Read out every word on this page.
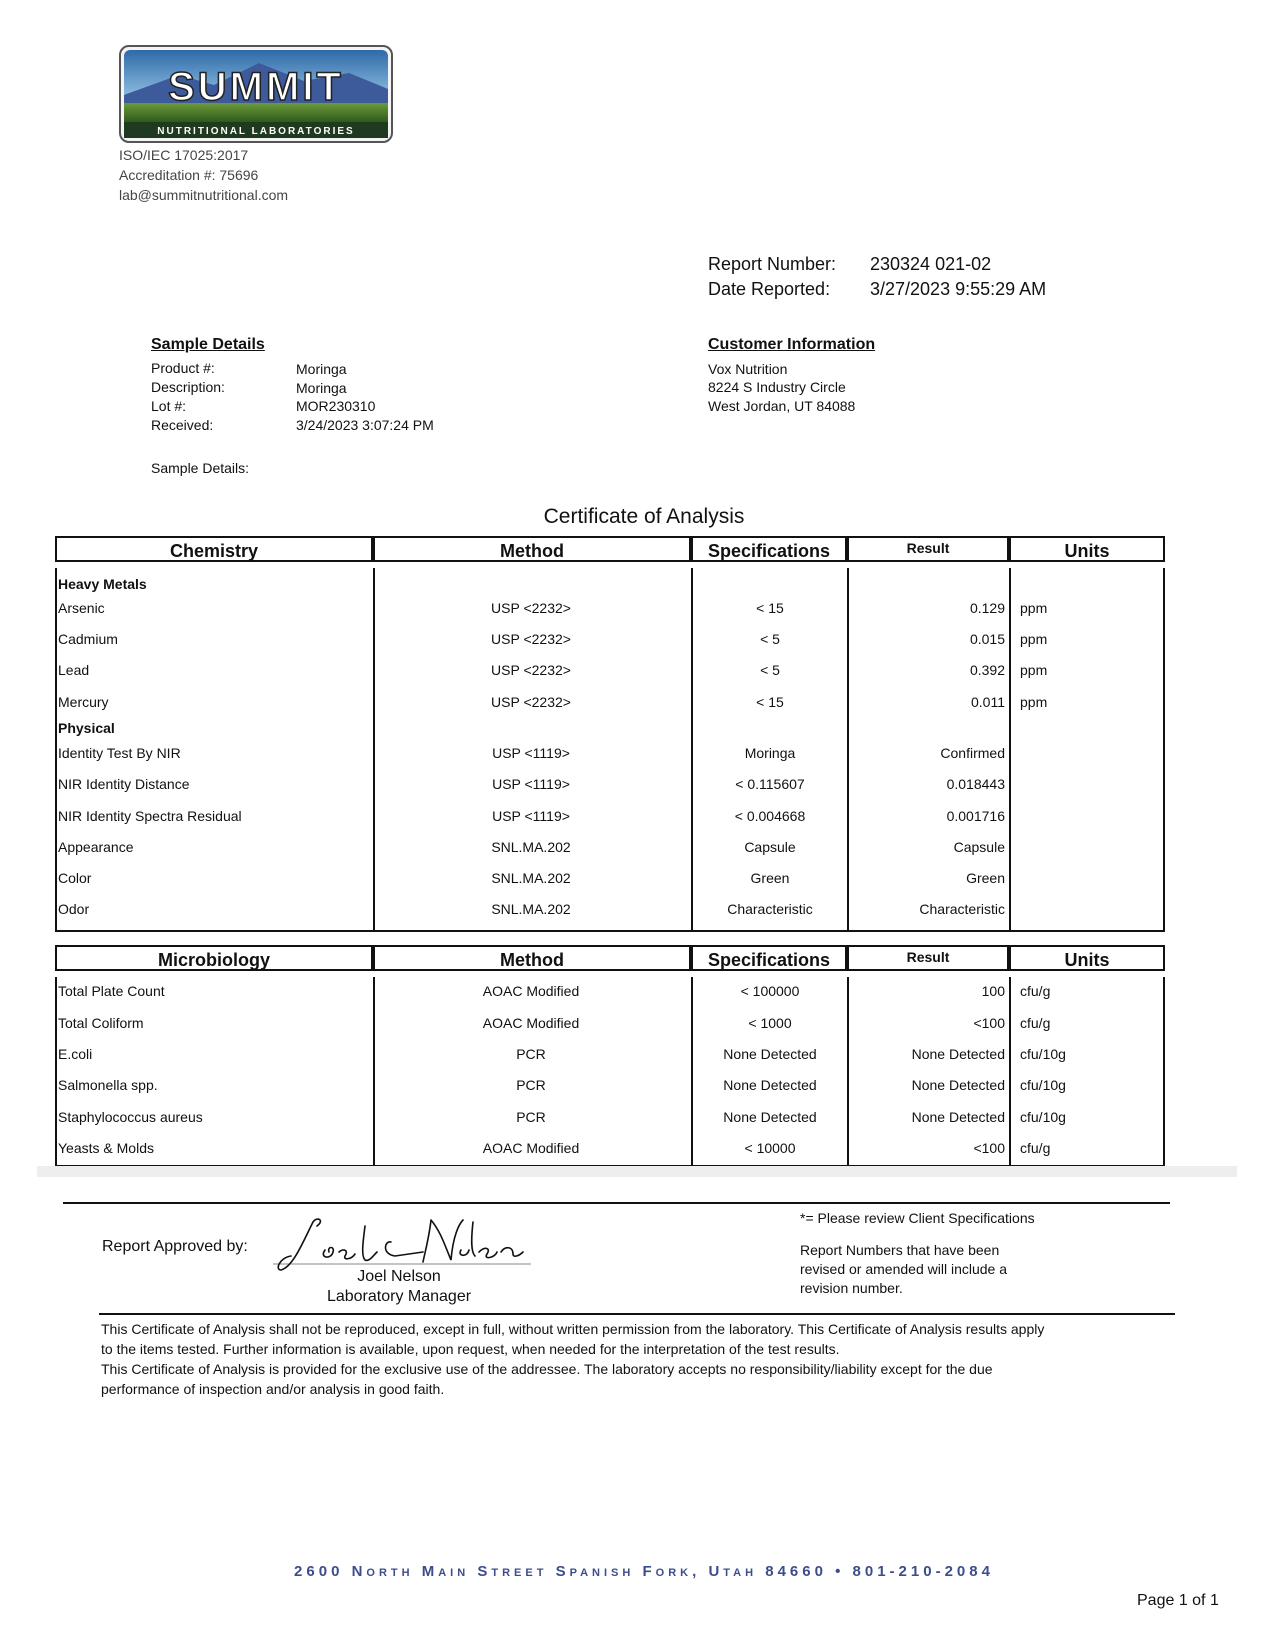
SUMMIT
NUTRITIONAL LABORATORIES
ISO/IEC 17025:2017
Accreditation #: 75696
lab@summitnutritional.com
Report Number: 230324 021-02
Date Reported: 3/27/2023 9:55:29 AM
Sample Details
Product #:	Moringa
Description:	Moringa
Lot #:	MOR230310
Received:	3/24/2023 3:07:24 PM
Sample Details:
Customer Information
Vox Nutrition
8224 S Industry Circle
West Jordan, UT 84088
Certificate of Analysis
Chemistry	Method	Specifications	Result	Units
Heavy Metals
Arsenic	USP <2232>	< 15	0.129 ppm
Cadmium	USP <2232>	< 5	0.015 ppm
Lead	USP <2232>	< 5	0.392 ppm
Mercury	USP <2232>	< 15	0.011 ppm
Physical
Identity Test By NIR	USP <1119>	Moringa	Confirmed
NIR Identity Distance	USP <1119>	< 0.115607	0.018443
NIR Identity Spectra Residual	USP <1119>	< 0.004668	0.001716
Appearance	SNL.MA.202	Capsule	Capsule
Color	SNL.MA.202	Green	Green
Odor	SNL.MA.202	Characteristic	Characteristic
Microbiology	Method	Specifications	Result	Units
Total Plate Count	AOAC Modified	< 100000	100 cfu/g
Total Coliform	AOAC Modified	< 1000	<100 cfu/g
E.coli	PCR	None Detected	None Detected cfu/10g
Salmonella spp.	PCR	None Detected	None Detected cfu/10g
Staphylococcus aureus	PCR	None Detected	None Detected cfu/10g
Yeasts & Molds	AOAC Modified	< 10000	<100 cfu/g
Report Approved by:
Joel Nelson
Laboratory Manager
*= Please review Client Specifications
Report Numbers that have been
revised or amended will include a
revision number.
This Certificate of Analysis shall not be reproduced, except in full, without written permission from the laboratory. This Certificate of Analysis results apply
to the items tested. Further information is available, upon request, when needed for the interpretation of the test results.
This Certificate of Analysis is provided for the exclusive use of the addressee. The laboratory accepts no responsibility/liability except for the due
performance of inspection and/or analysis in good faith.
2600 North Main Street Spanish Fork, Utah 84660 • 801-210-2084
Page 1 of 1
